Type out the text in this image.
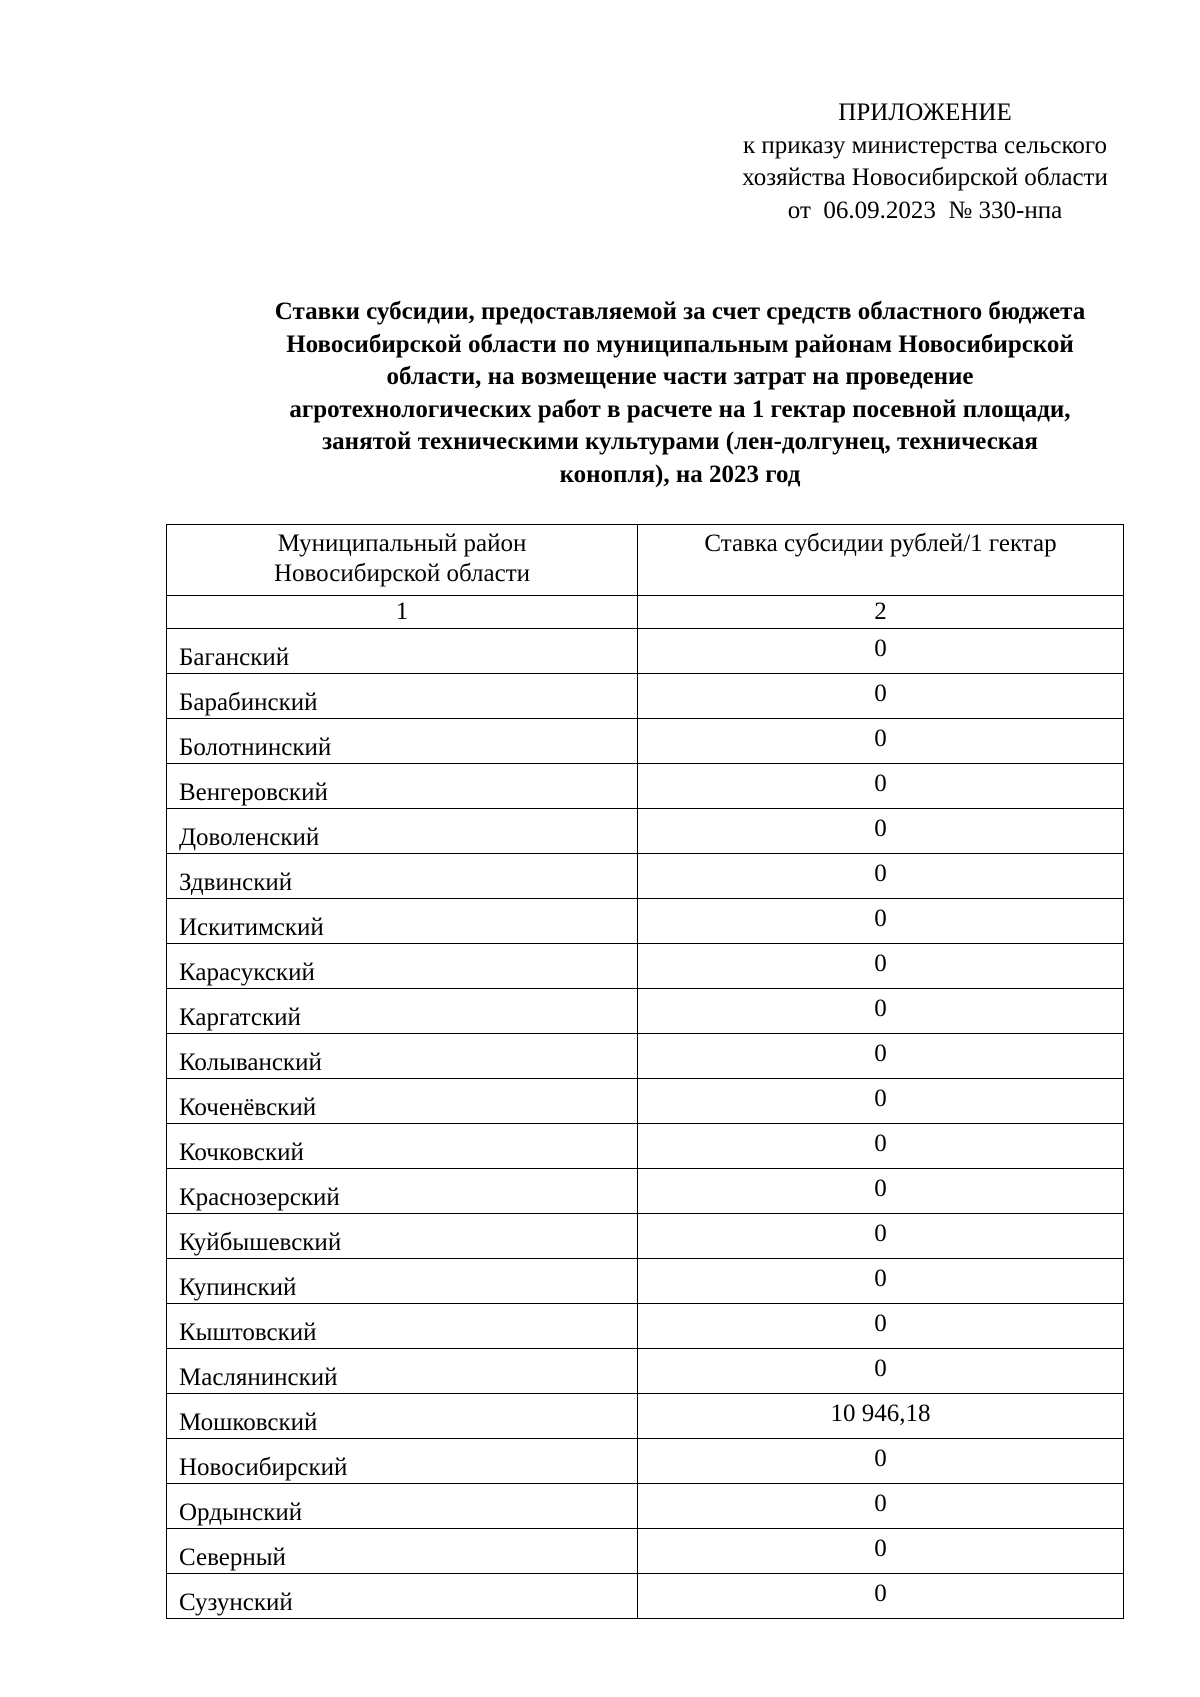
ПРИЛОЖЕНИЕ
к приказу министерства сельского
хозяйства Новосибирской области
от  06.09.2023  № 330-нпа
Ставки субсидии, предоставляемой за счет средств областного бюджета
Новосибирской области по муниципальным районам Новосибирской
области, на возмещение части затрат на проведение
агротехнологических работ в расчете на 1 гектар посевной площади,
занятой техническими культурами (лен-долгунец, техническая
конопля), на 2023 год
Муниципальный район
Новосибирской области	Ставка субсидии рублей/1 гектар
1	2
Баганский	0
Барабинский	0
Болотнинский	0
Венгеровский	0
Доволенский	0
Здвинский	0
Искитимский	0
Карасукский	0
Каргатский	0
Колыванский	0
Коченёвский	0
Кочковский	0
Краснозерский	0
Куйбышевский	0
Купинский	0
Кыштовский	0
Маслянинский	0
Мошковский	10 946,18
Новосибирский	0
Ордынский	0
Северный	0
Сузунский	0
